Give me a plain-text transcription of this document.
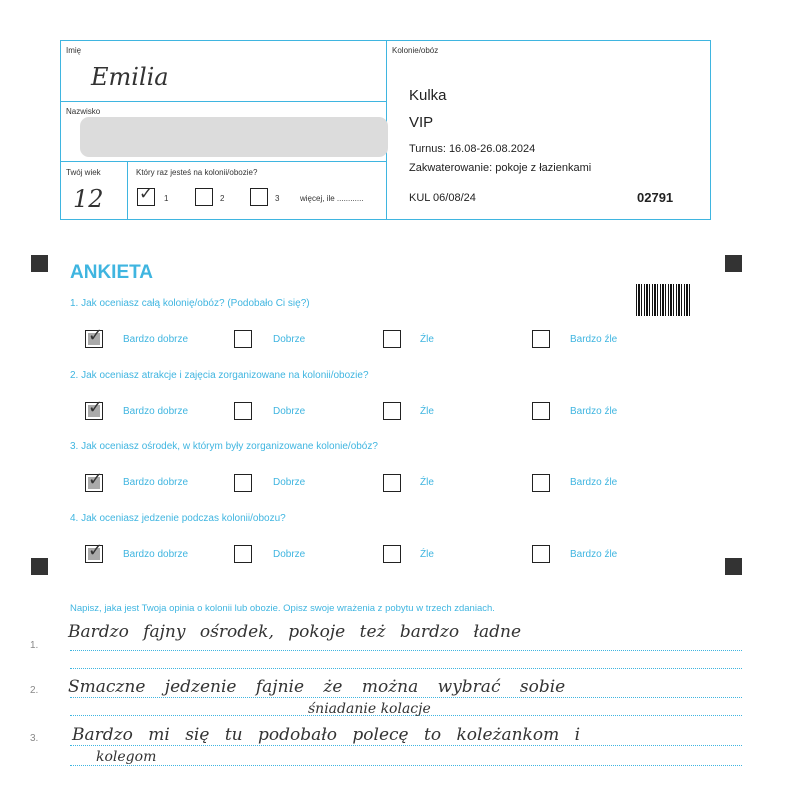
Imię
Emilia
Nazwisko
Twój wiek
12
Który raz jesteś na kolonii/obozie?
✓ 1	2	3	więcej, ile ............
Kolonie/obóz
Kulka
VIP
Turnus: 16.08-26.08.2024
Zakwaterowanie: pokoje z łazienkami
KUL 06/08/24	02791
ANKIETA
1. Jak oceniasz całą kolonię/obóz? (Podobało Ci się?)
✓ Bardzo dobrze	Dobrze	Źle	Bardzo źle
2. Jak oceniasz atrakcje i zajęcia zorganizowane na kolonii/obozie?
✓ Bardzo dobrze	Dobrze	Źle	Bardzo źle
3. Jak oceniasz ośrodek, w którym były zorganizowane kolonie/obóz?
✓ Bardzo dobrze	Dobrze	Źle	Bardzo źle
4. Jak oceniasz jedzenie podczas kolonii/obozu?
✓ Bardzo dobrze	Dobrze	Źle	Bardzo źle
Napisz, jaka jest Twoja opinia o kolonii lub obozie. Opisz swoje wrażenia z pobytu w trzech zdaniach.
1.
2.
3.
Bardzo fajny ośrodek, pokoje też bardzo ładne
Smaczne jedzenie fajnie że można wybrać sobie
śniadanie kolacje
Bardzo mi się tu podobało polecę to koleżankom i
kolegom
